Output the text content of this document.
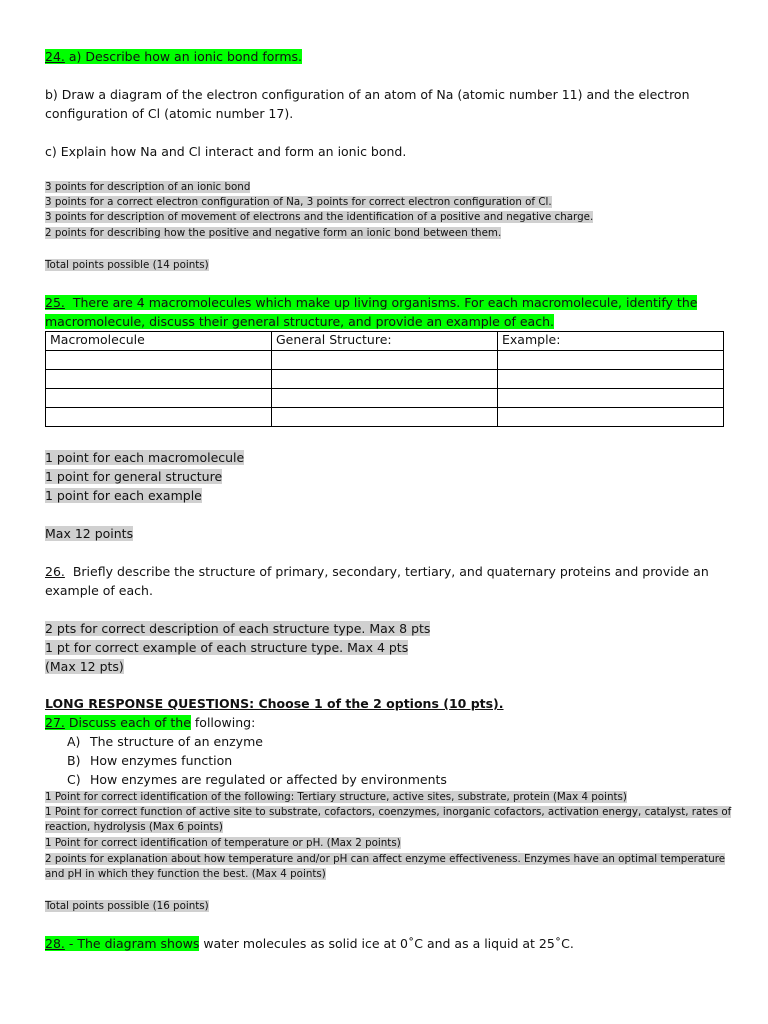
24. a) Describe how an ionic bond forms.
b) Draw a diagram of the electron configuration of an atom of Na (atomic number 11) and the electron
configuration of Cl (atomic number 17).
c) Explain how Na and Cl interact and form an ionic bond.
3 points for description of an ionic bond
3 points for a correct electron configuration of Na, 3 points for correct electron configuration of Cl.
3 points for description of movement of electrons and the identification of a positive and negative charge.
2 points for describing how the positive and negative form an ionic bond between them.
Total points possible (14 points)
25. There are 4 macromolecules which make up living organisms. For each macromolecule, identify the
macromolecule, discuss their general structure, and provide an example of each.
Macromolecule	General Structure:	Example:

1 point for each macromolecule
1 point for general structure
1 point for each example
Max 12 points
26. Briefly describe the structure of primary, secondary, tertiary, and quaternary proteins and provide an
example of each.
2 pts for correct description of each structure type. Max 8 pts
1 pt for correct example of each structure type. Max 4 pts
(Max 12 pts)
LONG RESPONSE QUESTIONS: Choose 1 of the 2 options (10 pts).
27. Discuss each of the following:
A) The structure of an enzyme
B) How enzymes function
C) How enzymes are regulated or affected by environments
1 Point for correct identification of the following: Tertiary structure, active sites, substrate, protein (Max 4 points)
1 Point for correct function of active site to substrate, cofactors, coenzymes, inorganic cofactors, activation energy, catalyst, rates of
reaction, hydrolysis (Max 6 points)
1 Point for correct identification of temperature or pH. (Max 2 points)
2 points for explanation about how temperature and/or pH can affect enzyme effectiveness. Enzymes have an optimal temperature
and pH in which they function the best. (Max 4 points)
Total points possible (16 points)
28. - The diagram shows water molecules as solid ice at 0˚C and as a liquid at 25˚C.
